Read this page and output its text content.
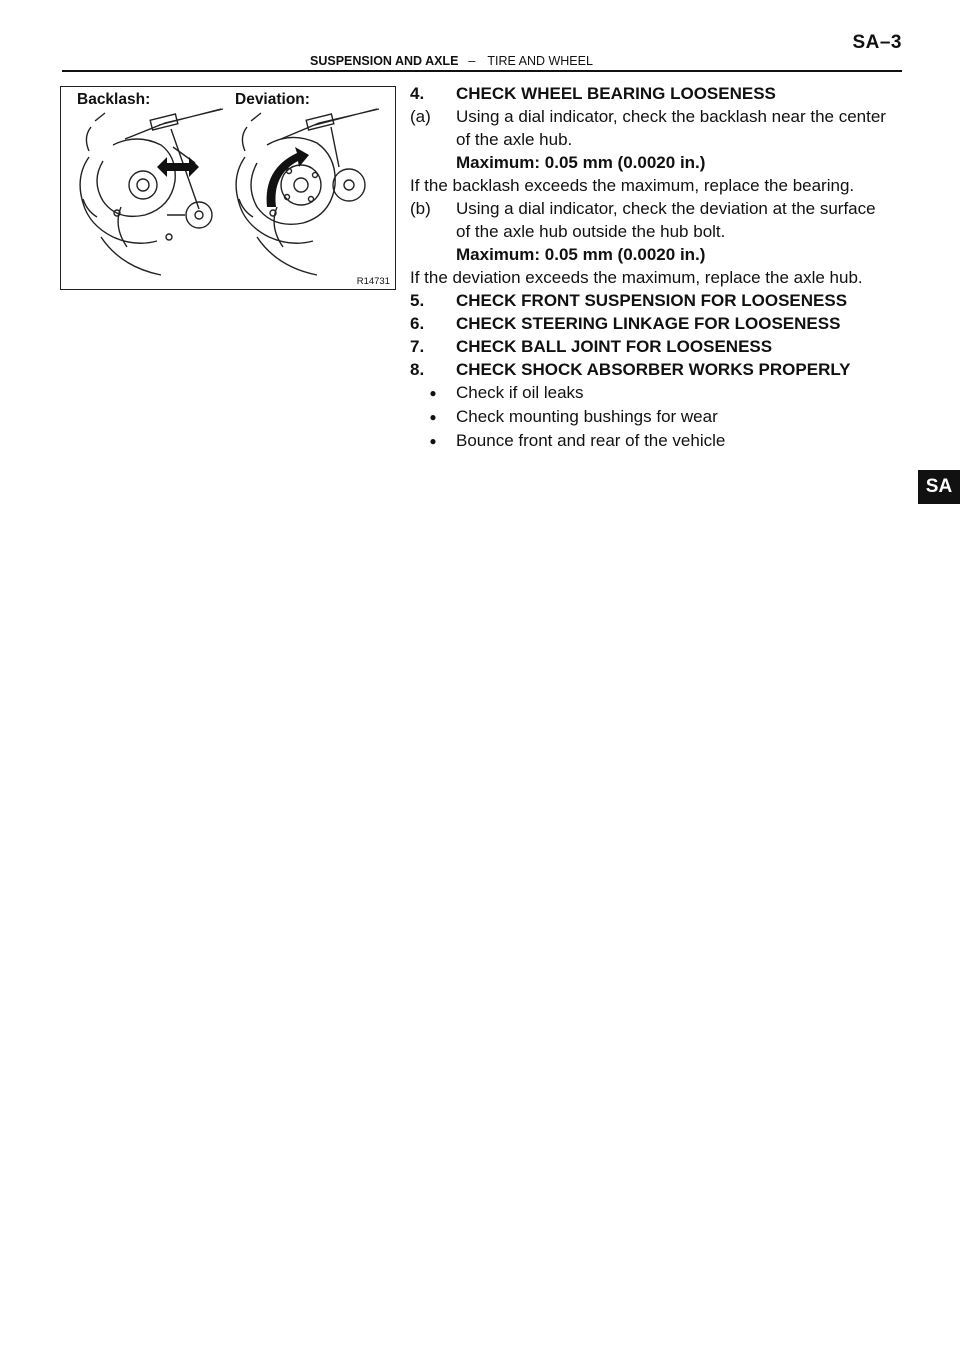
SA–3
SUSPENSION AND AXLE – TIRE AND WHEEL
Backlash:	Deviation:
R14731
4. CHECK WHEEL BEARING LOOSENESS
(a) Using a dial indicator, check the backlash near the center
of the axle hub.
Maximum: 0.05 mm (0.0020 in.)
If the backlash exceeds the maximum, replace the bearing.
(b) Using a dial indicator, check the deviation at the surface
of the axle hub outside the hub bolt.
Maximum: 0.05 mm (0.0020 in.)
If the deviation exceeds the maximum, replace the axle hub.
5. CHECK FRONT SUSPENSION FOR LOOSENESS
6. CHECK STEERING LINKAGE FOR LOOSENESS
7. CHECK BALL JOINT FOR LOOSENESS
8. CHECK SHOCK ABSORBER WORKS PROPERLY
● Check if oil leaks
● Check mounting bushings for wear
● Bounce front and rear of the vehicle
SA
